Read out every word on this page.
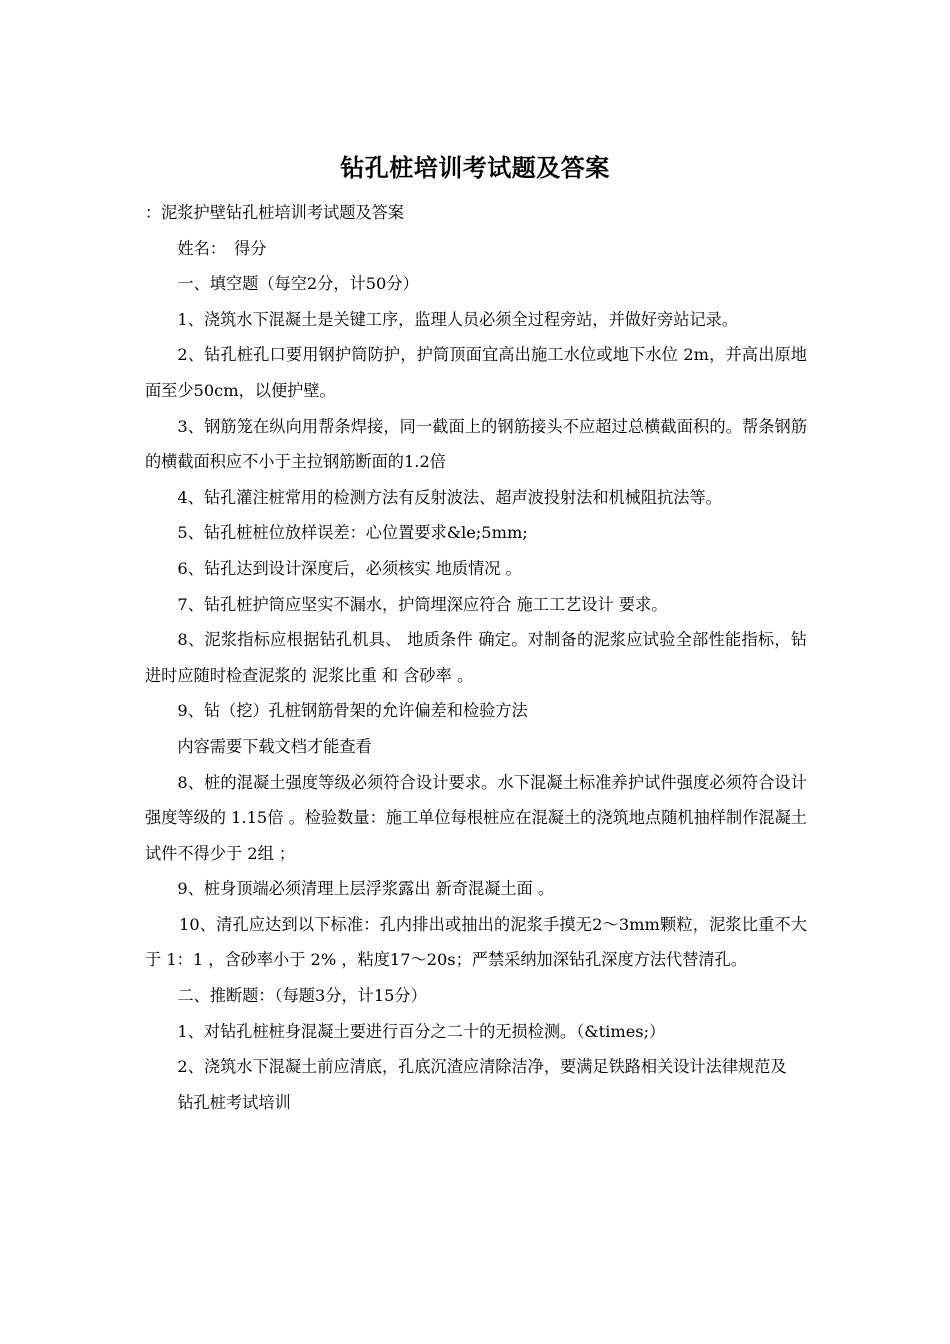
钻孔桩培训考试题及答案

：泥浆护壁钻孔桩培训考试题及答案

姓名：　得分

一、填空题（每空2分，计50分）

1、浇筑水下混凝土是关键工序，监理人员必须全过程旁站，并做好旁站记录。

2、钻孔桩孔口要用钢护筒防护，护筒顶面宜高出施工水位或地下水位 2m，并高出原地面至少50cm，以便护壁。

3、钢筋笼在纵向用帮条焊接，同一截面上的钢筋接头不应超过总横截面积的。帮条钢筋的横截面积应不小于主拉钢筋断面的1.2倍

4、钻孔灌注桩常用的检测方法有反射波法、超声波投射法和机械阻抗法等。

5、钻孔桩桩位放样误差：心位置要求&le;5mm;

6、钻孔达到设计深度后，必须核实 地质情况 。

7、钻孔桩护筒应坚实不漏水，护筒埋深应符合 施工工艺设计 要求。

8、泥浆指标应根据钻孔机具、 地质条件 确定。对制备的泥浆应试验全部性能指标，钻进时应随时检查泥浆的 泥浆比重 和 含砂率 。

9、钻（挖）孔桩钢筋骨架的允许偏差和检验方法

内容需要下载文档才能查看

8、桩的混凝土强度等级必须符合设计要求。水下混凝土标准养护试件强度必须符合设计强度等级的 1.15倍 。检验数量：施工单位每根桩应在混凝土的浇筑地点随机抽样制作混凝土试件不得少于 2组 ；

9、桩身顶端必须清理上层浮浆露出 新奇混凝土面 。

10、清孔应达到以下标准：孔内排出或抽出的泥浆手摸无2～3mm颗粒，泥浆比重不大于 1：1 ，含砂率小于 2% ，粘度17～20s；严禁采纳加深钻孔深度方法代替清孔。

二、推断题：（每题3分，计15分）

1、对钻孔桩桩身混凝土要进行百分之二十的无损检测。（&times;）

2、浇筑水下混凝土前应清底，孔底沉渣应清除洁净，要满足铁路相关设计法律规范及

钻孔桩考试培训
